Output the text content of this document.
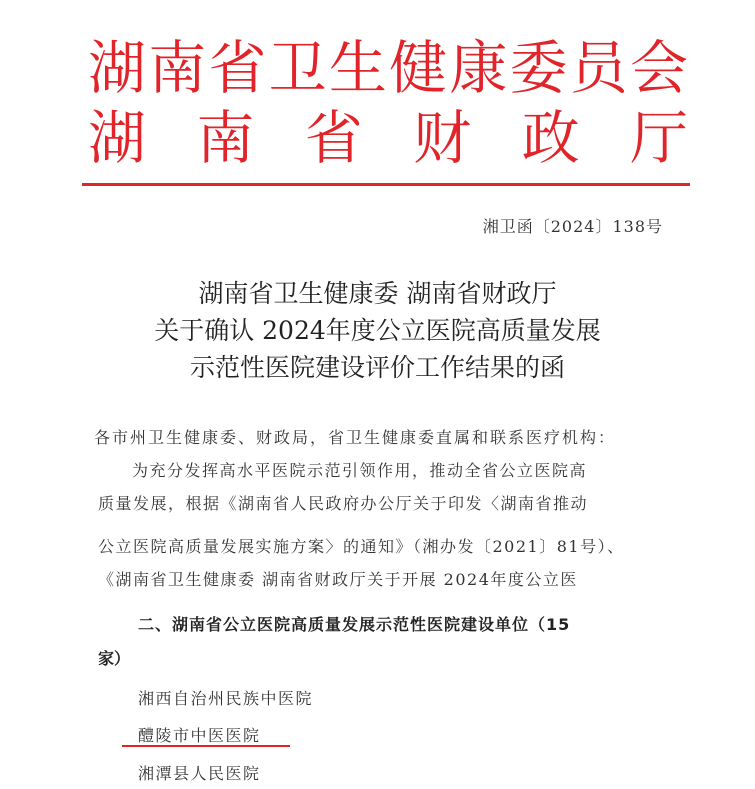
湖 南 省 卫 生 健 康 委 员 会
湖 南 省 财 政 厅
湘卫函〔2024〕138号
湖南省卫生健康委 湖南省财政厅
关于确认 2024年度公立医院高质量发展
示范性医院建设评价工作结果的函
各市州卫生健康委、财政局，省卫生健康委直属和联系医疗机构：
为充分发挥高水平医院示范引领作用，推动全省公立医院高
质量发展，根据《湖南省人民政府办公厅关于印发〈湖南省推动
公立医院高质量发展实施方案〉的通知》（湘办发〔2021〕81号）、
《湖南省卫生健康委 湖南省财政厅关于开展 2024年度公立医
二、湖南省公立医院高质量发展示范性医院建设单位（15
家）
湘西自治州民族中医院
醴陵市中医医院
湘潭县人民医院
